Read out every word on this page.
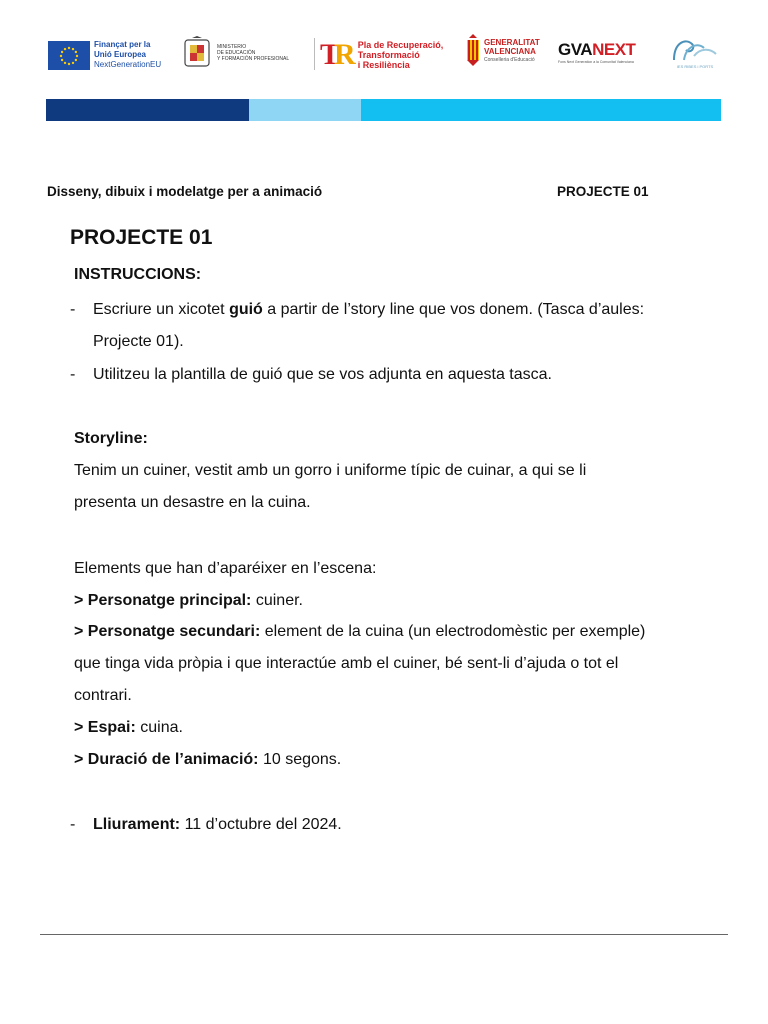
Finançat per la
Unió Europea
NextGenerationEU
MINISTERIO
DE EDUCACIÓN
Y FORMACIÓN PROFESIONAL TR Pla de Recuperació,
Transformació
i Resiliència
GENERALITAT
VALENCIANA
Conselleria d'Educació
GVANEXT
Fons Next Generation a la Comunitat Valenciana
IES RIBES i PORTS
Disseny, dibuix i modelatge per a animació	PROJECTE 01
PROJECTE 01
INSTRUCCIONS:
- Escriure un xicotet guió a partir de l’story line que vos donem. (Tasca d’aules:
Projecte 01).
- Utilitzeu la plantilla de guió que se vos adjunta en aquesta tasca.
Storyline:
Tenim un cuiner, vestit amb un gorro i uniforme típic de cuinar, a qui se li
presenta un desastre en la cuina.
Elements que han d’aparéixer en l’escena:
> Personatge principal: cuiner.
> Personatge secundari: element de la cuina (un electrodomèstic per exemple)
que tinga vida pròpia i que interactúe amb el cuiner, bé sent-li d’ajuda o tot el
contrari.
> Espai: cuina.
> Duració de l’animació: 10 segons.
- Lliurament: 11 d’octubre del 2024.
